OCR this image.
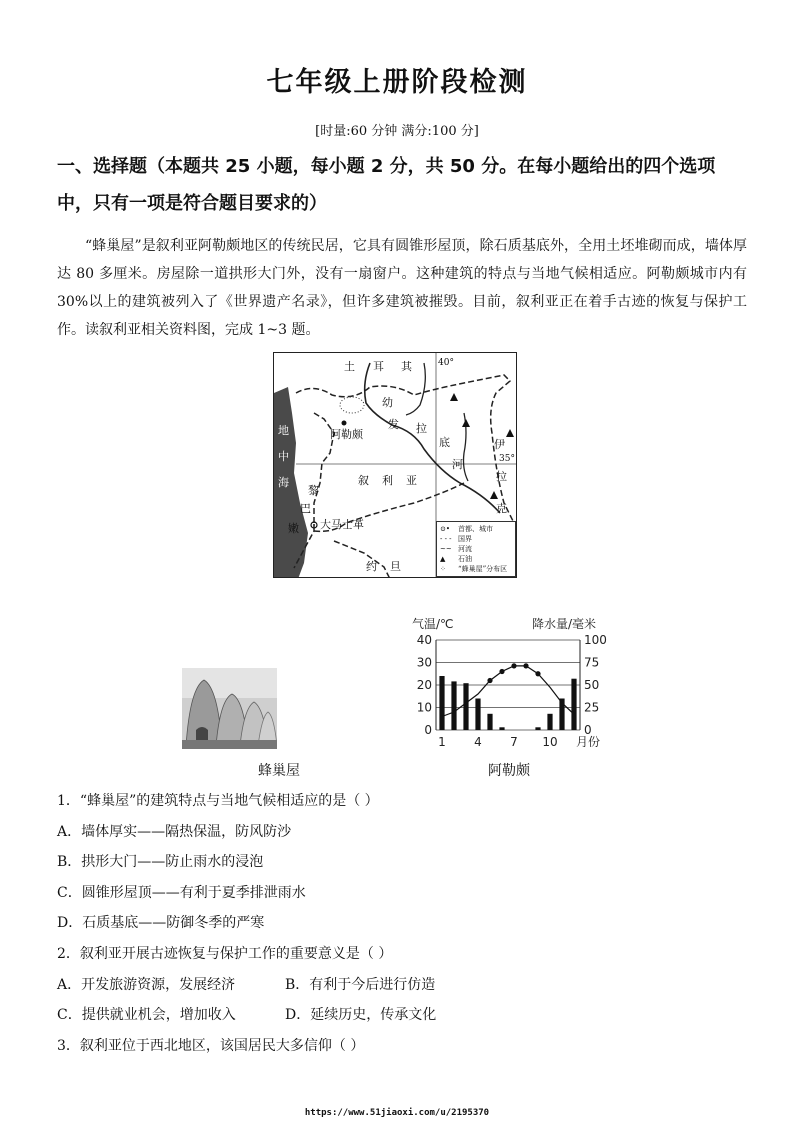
七年级上册阶段检测
[时量:60 分钟 满分:100 分]
一、选择题（本题共 25 小题，每小题 2 分，共 50 分。在每小题给出的四个选项中，只有一项是符合题目要求的）
“蜂巢屋”是叙利亚阿勒颇地区的传统民居，它具有圆锥形屋顶，除石质基底外，全用土坯堆砌而成，墙体厚达 80 多厘米。房屋除一道拱形大门外，没有一扇窗户。这种建筑的特点与当地气候相适应。阿勒颇城市内有 30%以上的建筑被列入了《世界遗产名录》，但许多建筑被摧毁。目前，叙利亚正在着手古迹的恢复与保护工作。读叙利亚相关资料图，完成 1~3 题。
土 耳 其	40°
幼
发 拉
底
河
伊
拉
克
35°
地
中
海
阿勒颇
叙 利 亚
黎
巴
嫩 大马士革
约 旦
⊙•	首都、城市
- - - 国界
~~ 河流
▲	石油
⁘	“蜂巢屋”分布区
蜂巢屋
气温/℃	降水量/毫米
0	0
10	25
20	50
30	75
40	100
1 4 7 10 月份
阿勒颇
1．“蜂巢屋”的建筑特点与当地气候相适应的是（ ）
A．墙体厚实——隔热保温，防风防沙
B．拱形大门——防止雨水的浸泡
C．圆锥形屋顶——有利于夏季排泄雨水
D．石质基底——防御冬季的严寒
2．叙利亚开展古迹恢复与保护工作的重要意义是（ ）
A．开发旅游资源，发展经济	B．有利于今后进行仿造
C．提供就业机会，增加收入	D．延续历史，传承文化
3．叙利亚位于西北地区，该国居民大多信仰（ ）
https://www.51jiaoxi.com/u/2195370
